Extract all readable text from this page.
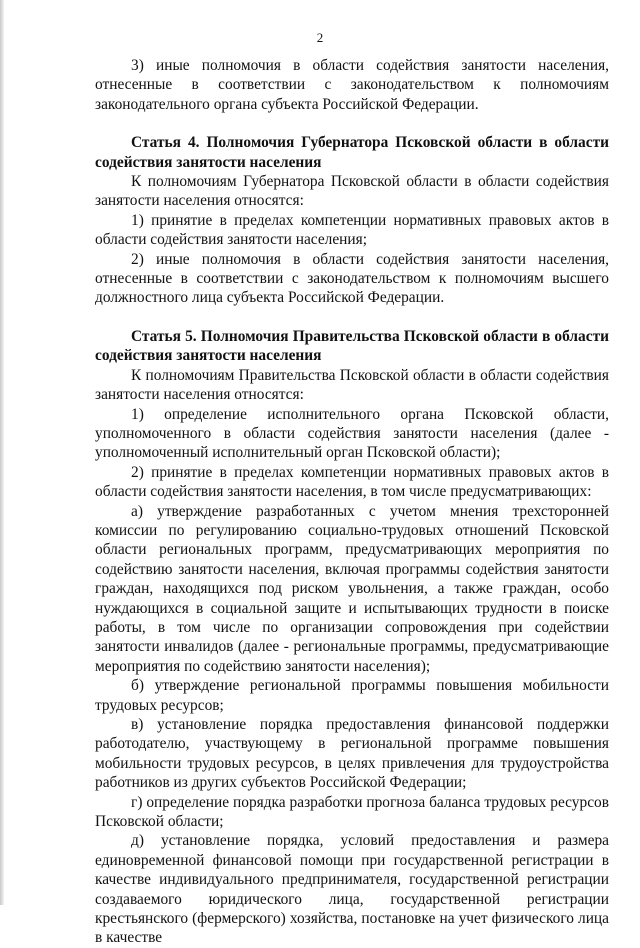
2

3) иные полномочия в области содействия занятости населения, отнесенные в соответствии с законодательством к полномочиям законодательного органа субъекта Российской Федерации.

Статья 4. Полномочия Губернатора Псковской области в области содействия занятости населения

К полномочиям Губернатора Псковской области в области содействия занятости населения относятся:

1) принятие в пределах компетенции нормативных правовых актов в области содействия занятости населения;

2) иные полномочия в области содействия занятости населения, отнесенные в соответствии с законодательством к полномочиям высшего должностного лица субъекта Российской Федерации.

Статья 5. Полномочия Правительства Псковской области в области содействия занятости населения

К полномочиям Правительства Псковской области в области содействия занятости населения относятся:

1) определение исполнительного органа Псковской области, уполномоченного в области содействия занятости населения (далее - уполномоченный исполнительный орган Псковской области);

2) принятие в пределах компетенции нормативных правовых актов в области содействия занятости населения, в том числе предусматривающих:

а) утверждение разработанных с учетом мнения трехсторонней комиссии по регулированию социально-трудовых отношений Псковской области региональных программ, предусматривающих мероприятия по содействию занятости населения, включая программы содействия занятости граждан, находящихся под риском увольнения, а также граждан, особо нуждающихся в социальной защите и испытывающих трудности в поиске работы, в том числе по организации сопровождения при содействии занятости инвалидов (далее - региональные программы, предусматривающие мероприятия по содействию занятости населения);

б) утверждение региональной программы повышения мобильности трудовых ресурсов;

в) установление порядка предоставления финансовой поддержки работодателю, участвующему в региональной программе повышения мобильности трудовых ресурсов, в целях привлечения для трудоустройства работников из других субъектов Российской Федерации;

г) определение порядка разработки прогноза баланса трудовых ресурсов Псковской области;

д) установление порядка, условий предоставления и размера единовременной финансовой помощи при государственной регистрации в качестве индивидуального предпринимателя, государственной регистрации создаваемого юридического лица, государственной регистрации крестьянского (фермерского) хозяйства, постановке на учет физического лица в качестве
